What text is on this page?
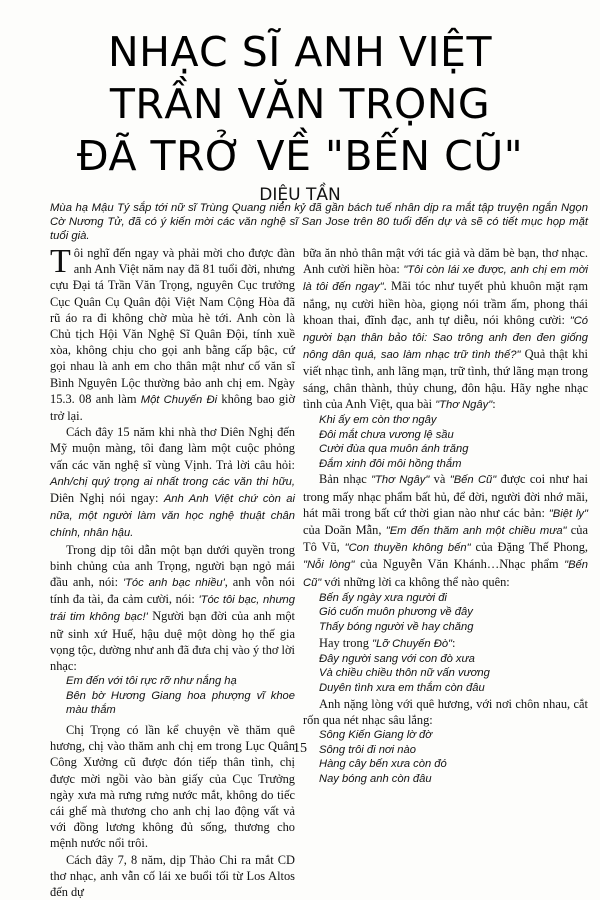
NHẠC SĨ ANH VIỆT
TRẦN VĂN TRỌNG
ĐÃ TRỞ VỀ "BẾN CŨ"
DIỆU TẦN
Mùa hạ Mậu Tý sắp tới nữ sĩ Trùng Quang niên kỷ đã gần bách tuế nhân dịp ra mắt tập truyện ngắn Ngọn Cờ Nương Tử, đã có ý kiến mời các văn nghệ sĩ San Jose trên 80 tuổi đến dự và sẽ có tiết mục họp mặt tuổi già.

Tôi nghĩ đến ngay và phải mời cho được đàn anh Anh Việt năm nay đã 81 tuổi đời, nhưng cựu Đại tá Trần Văn Trọng, nguyên Cục trưởng Cục Quân Cụ Quân đội Việt Nam Cộng Hòa đã rũ áo ra đi không chờ mùa hè tới. Anh còn là Chủ tịch Hội Văn Nghệ Sĩ Quân Đội, tính xuề xòa, không chịu cho gọi anh bằng cấp bậc, cứ gọi nhau là anh em cho thân mật như cố văn sĩ Bình Nguyên Lộc thường bảo anh chị em. Ngày 15.3. 08 anh làm Một Chuyến Đi không bao giờ trở lại.

Cách đây 15 năm khi nhà thơ Diên Nghị đến Mỹ muộn màng, tôi đang làm một cuộc phỏng vấn các văn nghệ sĩ vùng Vịnh. Trả lời câu hỏi: Anh/chị quý trọng ai nhất trong các văn thi hữu, Diên Nghị nói ngay: Anh Anh Việt chứ còn ai nữa, một người làm văn học nghệ thuật chân chính, nhân hậu.

Trong dịp tôi dẫn một bạn dưới quyền trong binh chủng của anh Trọng, người bạn ngỏ mái đầu anh, nói: 'Tóc anh bạc nhiều', anh vỗn nói tính đa tài, đa cảm cười, nói: 'Tóc tôi bạc, nhưng trái tim không bạc!' Người bạn đời của anh một nữ sinh xứ Huế, hậu duệ một dòng họ thế gia vọng tộc, dường như anh đã đưa chị vào ý thơ lời nhạc:

Em đến với tôi rực rỡ như nắng hạ
Bên bờ Hương Giang hoa phượng vĩ khoe màu thắm

Chị Trọng có lần kể chuyện về thăm quê hương, chị vào thăm anh chị em trong Lục Quân Công Xưởng cũ được đón tiếp thân tình, chị được mời ngồi vào bàn giấy của Cục Trưởng ngày xưa mà rưng rưng nước mắt, không do tiếc cái ghế mà thương cho anh chị lao động vất vả với đồng lương không đủ sống, thương cho mệnh nước nổi trôi.

Cách đây 7, 8 năm, dịp Thảo Chi ra mắt CD thơ nhạc, anh vẫn cố lái xe buổi tối từ Los Altos đến dự

bữa ăn nhỏ thân mật với tác giả và dăm bè bạn, thơ nhạc. Anh cười hiền hòa: "Tôi còn lái xe được, anh chị em mời là tôi đến ngay". Mãi tóc như tuyết phủ khuôn mặt rạm nắng, nụ cười hiền hòa, giọng nói trầm ấm, phong thái khoan thai, đĩnh đạc, anh tự diễu, nói không cười: "Có người bạn thân bảo tôi: Sao trông anh đen đen giống nông dân quá, sao làm nhạc trữ tình thế?" Quả thật khi viết nhạc tình, anh lãng mạn, trữ tình, thứ lãng mạn trong sáng, chân thành, thủy chung, đôn hậu. Hãy nghe nhạc tình của Anh Việt, qua bài "Thơ Ngây":

Khi ấy em còn thơ ngây
Đôi mắt chưa vương lệ sầu
Cười đùa qua muôn ánh trăng
Đắm xinh đôi môi hồng thắm

Bản nhạc "Thơ Ngây" và "Bến Cũ" được coi như hai trong mấy nhạc phẩm bất hủ, để đời, người đời nhớ mãi, hát mãi trong bất cứ thời gian nào như các bản: "Biệt ly" của Doãn Mẫn, "Em đến thăm anh một chiều mưa" của Tô Vũ, "Con thuyền không bến" của Đặng Thế Phong, "Nỗi lòng" của Nguyễn Văn Khánh…Nhạc phẩm "Bến Cũ" với những lời ca không thể nào quên:

Bến ấy ngày xưa người đi
Gió cuốn muôn phương về đây
Thấy bóng người về hay chăng

Hay trong "Lỡ Chuyến Đò":

Đây người sang với con đò xưa
Và chiều chiều thôn nữ vấn vương
Duyên tình xưa em thắm còn đâu

Anh nặng lòng với quê hương, với nơi chôn nhau, cắt rốn qua nét nhạc sâu lắng:

Sông Kiến Giang lờ đờ
Sông trôi đi nơi nào
Hàng cây bến xưa còn đó
Nay bóng anh còn đâu
15
